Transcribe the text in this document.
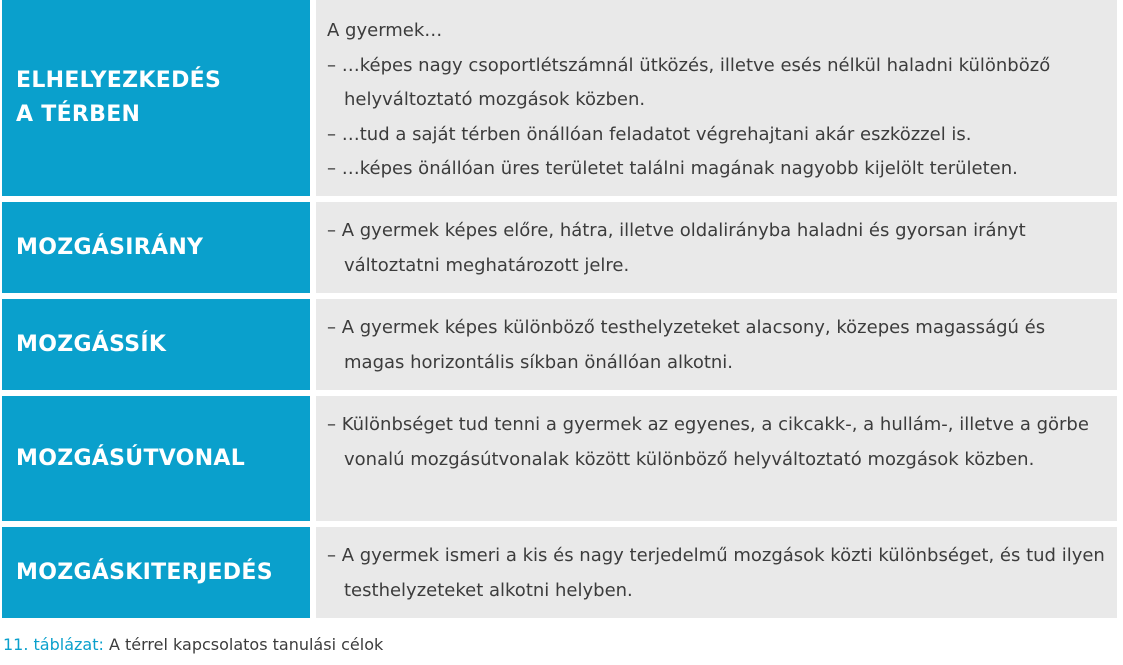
ELHELYEZKEDÉS
A TÉRBEN
A gyermek…
– …képes nagy csoportlétszámnál ütközés, illetve esés nélkül haladni különböző helyváltoztató mozgások közben.
– …tud a saját térben önállóan feladatot végrehajtani akár eszközzel is.
– …képes önállóan üres területet találni magának nagyobb kijelölt területen.
MOZGÁSIRÁNY
– A gyermek képes előre, hátra, illetve oldalirányba haladni és gyorsan irányt változtatni meghatározott jelre.
MOZGÁSSÍK
– A gyermek képes különböző testhelyzeteket alacsony, közepes magasságú és magas horizontális síkban önállóan alkotni.
MOZGÁSÚTVONAL
– Különbséget tud tenni a gyermek az egyenes, a cikcakk-, a hullám-, illetve a görbe vonalú mozgásútvonalak között különböző helyváltoztató mozgások közben.
MOZGÁSKITERJEDÉS
– A gyermek ismeri a kis és nagy terjedelmű mozgások közti különbséget, és tud ilyen testhelyzeteket alkotni helyben.
11. táblázat: A térrel kapcsolatos tanulási célok
